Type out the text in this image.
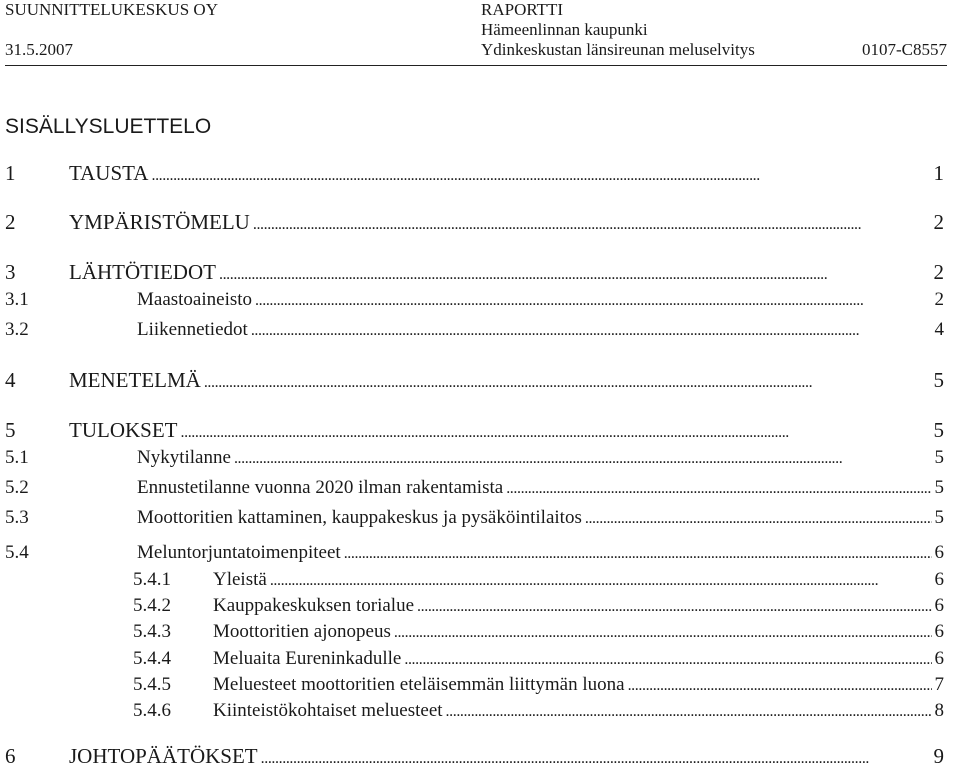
SUUNNITTELUKESKUS OY
31.5.2007
RAPORTTI
Hämeenlinnan kaupunki
Ydinkeskustan länsireunan meluselvitys	0107-C8557
SISÄLLYSLUETTELO
1	TAUSTA . . .	1
2	YMPÄRISTÖMELU . . .	2
3	LÄHTÖTIEDOT . . .	2
3.1	Maastoaineisto . . .	2
3.2	Liikennetiedot . . .	4
4	MENETELMÄ . . .	5
5	TULOKSET . . .	5
5.1	Nykytilanne . . .	5
5.2	Ennustetilanne vuonna 2020 ilman rakentamista . . .	5
5.3	Moottoritien kattaminen, kauppakeskus ja pysäköintilaitos . . .	5
5.4	Meluntorjuntatoimenpiteet . . .	6
5.4.1	Yleistä . . .	6
5.4.2	Kauppakeskuksen torialue . . .	6
5.4.3	Moottoritien ajonopeus . . .	6
5.4.4	Meluaita Eureninkadulle . . .	6
5.4.5	Meluesteet moottoritien eteläisemmän liittymän luona . . .	7
5.4.6	Kiinteistökohtaiset meluesteet . . .	8
6	JOHTOPÄÄTÖKSET . . .	9
